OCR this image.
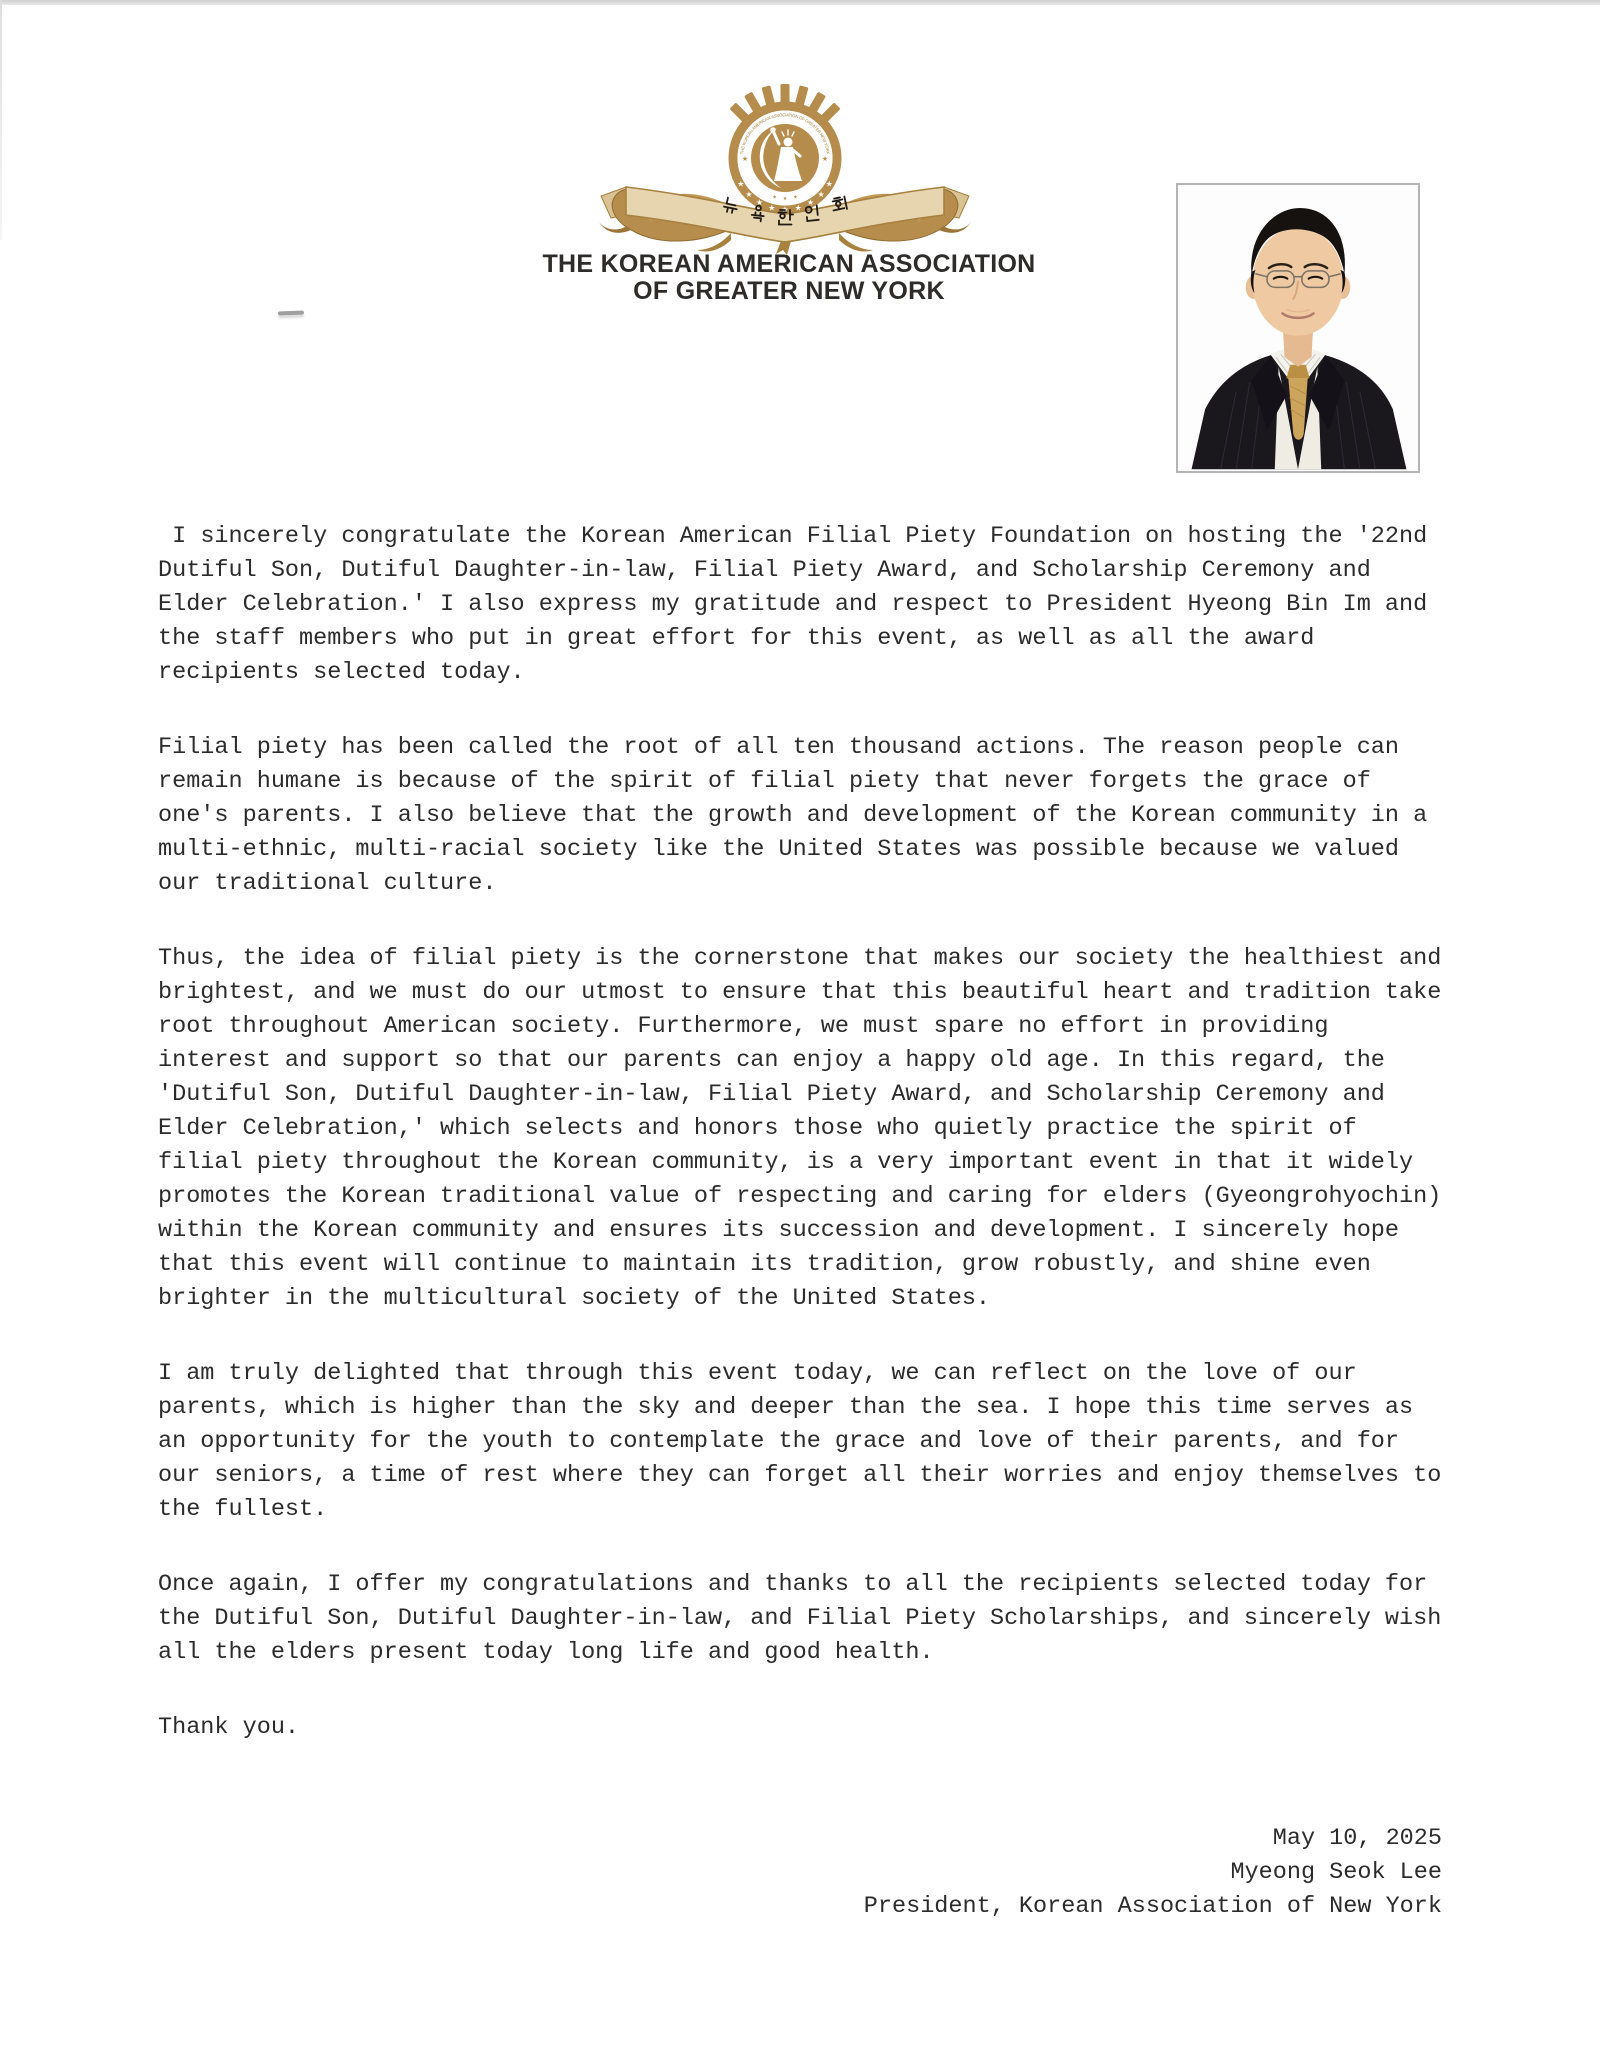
THE KOREAN AMERICAN ASSOCIATION OF GREATER NEW YORK
★
★
★
★
★
★
★
★
★
★
★
★
★	★
THE KOREAN AMERICAN ASSOCIATION
OF GREATER NEW YORK

I sincerely congratulate the Korean American Filial Piety Foundation on hosting the '22nd Dutiful Son, Dutiful Daughter-in-law, Filial Piety Award, and Scholarship Ceremony and Elder Celebration.' I also express my gratitude and respect to President Hyeong Bin Im and the staff members who put in great effort for this event, as well as all the award recipients selected today.

Filial piety has been called the root of all ten thousand actions. The reason people can remain humane is because of the spirit of filial piety that never forgets the grace of one's parents. I also believe that the growth and development of the Korean community in a multi-ethnic, multi-racial society like the United States was possible because we valued our traditional culture.

Thus, the idea of filial piety is the cornerstone that makes our society the healthiest and brightest, and we must do our utmost to ensure that this beautiful heart and tradition take root throughout American society. Furthermore, we must spare no effort in providing interest and support so that our parents can enjoy a happy old age. In this regard, the 'Dutiful Son, Dutiful Daughter-in-law, Filial Piety Award, and Scholarship Ceremony and Elder Celebration,' which selects and honors those who quietly practice the spirit of filial piety throughout the Korean community, is a very important event in that it widely promotes the Korean traditional value of respecting and caring for elders (Gyeongrohyochin) within the Korean community and ensures its succession and development. I sincerely hope that this event will continue to maintain its tradition, grow robustly, and shine even brighter in the multicultural society of the United States.

I am truly delighted that through this event today, we can reflect on the love of our parents, which is higher than the sky and deeper than the sea. I hope this time serves as an opportunity for the youth to contemplate the grace and love of their parents, and for our seniors, a time of rest where they can forget all their worries and enjoy themselves to the fullest.

Once again, I offer my congratulations and thanks to all the recipients selected today for the Dutiful Son, Dutiful Daughter-in-law, and Filial Piety Scholarships, and sincerely wish all the elders present today long life and good health.

Thank you.

May 10, 2025
Myeong Seok Lee
President, Korean Association of New York
